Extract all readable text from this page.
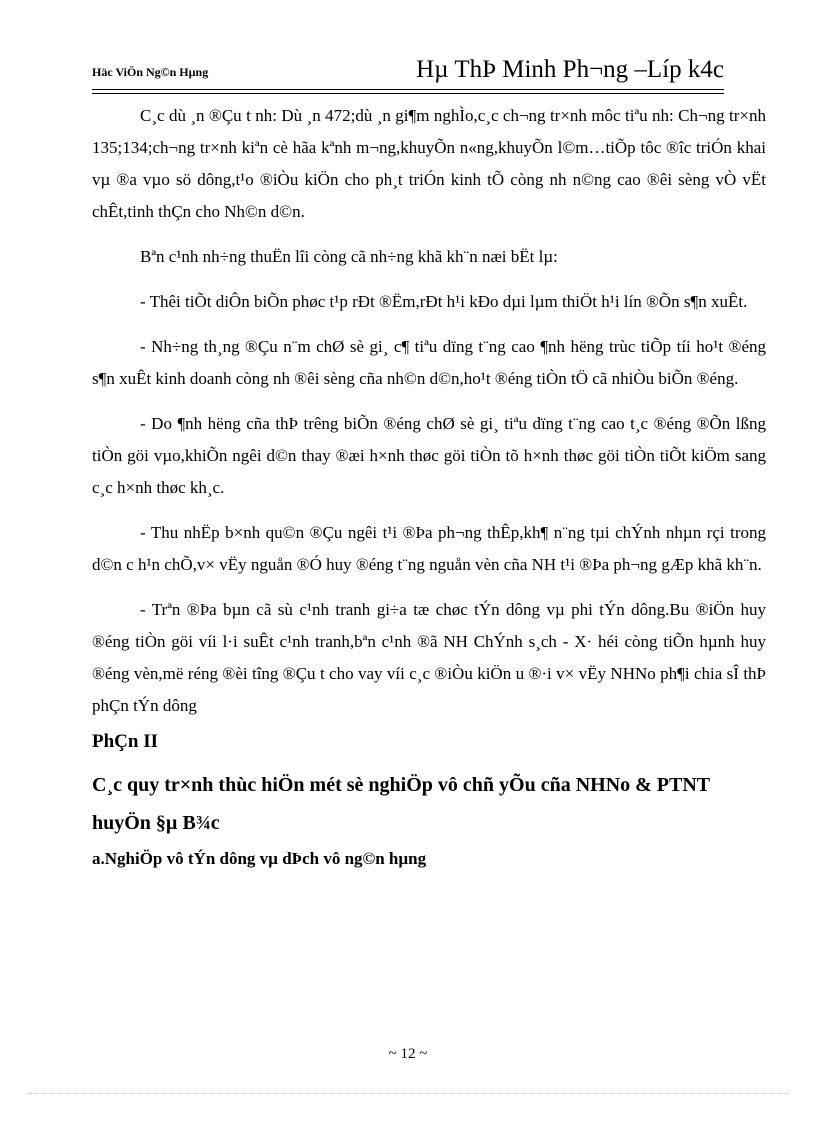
Häc ViÖn Ng©n Hµng	Hµ ThÞ Minh Ph¬ng –Líp k4c

C¸c dù ¸n ®Çu t nh: Dù ¸n 472;dù ¸n gi¶m nghÌo,c¸c ch¬ng tr×nh môc tiªu nh: Ch¬ng tr×nh 135;134;ch¬ng tr×nh kiªn cè hãa kªnh m¬ng,khuyÕn n«ng,khuyÕn l©m…tiÕp tôc ®îc triÓn khai vµ ®a vµo sö dông,t¹o ®iÒu kiÖn cho ph¸t triÓn kinh tÕ còng nh n©ng cao ®êi sèng vÒ vËt chÊt,tinh thÇn cho Nh©n d©n.

Bªn c¹nh nh÷ng thuËn lîi còng cã nh÷ng khã kh¨n næi bËt lµ:

- Thêi tiÕt diÔn biÕn phøc t¹p rÐt ®Ëm,rÐt h¹i kÐo dµi lµm thiÖt h¹i lín ®Õn s¶n xuÊt.

- Nh÷ng th¸ng ®Çu n¨m chØ sè gi¸ c¶ tiªu dïng t¨ng cao ¶nh hëng trùc tiÕp tíi ho¹t ®éng s¶n xuÊt kinh doanh còng nh ®êi sèng cña nh©n d©n,ho¹t ®éng tiÒn tÖ cã nhiÒu biÕn ®éng.

- Do ¶nh hëng cña thÞ trêng biÕn ®éng chØ sè gi¸ tiªu dïng t¨ng cao t¸c ®éng ®Õn lßng tiÒn göi vµo,khiÕn ngêi d©n thay ®æi h×nh thøc göi tiÒn tõ h×nh thøc göi tiÒn tiÕt kiÖm sang c¸c h×nh thøc kh¸c.

- Thu nhËp b×nh qu©n ®Çu ngêi t¹i ®Þa ph¬ng thÊp,kh¶ n¨ng tµi chÝnh nhµn rçi trong d©n c h¹n chÕ,v× vËy nguån ®Ó huy ®éng t¨ng nguån vèn cña NH t¹i ®Þa ph¬ng gÆp khã kh¨n.

- Trªn ®Þa bµn cã sù c¹nh tranh gi÷a tæ chøc tÝn dông vµ phi tÝn dông.Bu ®iÖn huy ®éng tiÒn göi víi l·i suÊt c¹nh tranh,bªn c¹nh ®ã NH ChÝnh s¸ch - X· héi còng tiÕn hµnh huy ®éng vèn,më réng ®èi tîng ®Çu t cho vay víi c¸c ®iÒu kiÖn u ®·i v× vËy NHNo ph¶i chia sÎ thÞ phÇn tÝn dông

PhÇn II
C¸c quy tr×nh thùc hiÖn mét sè nghiÖp vô chñ yÕu cña NHNo & PTNT huyÖn §µ B¾c
a.NghiÖp vô tÝn dông vµ dÞch vô ng©n hµng
~ 12 ~
